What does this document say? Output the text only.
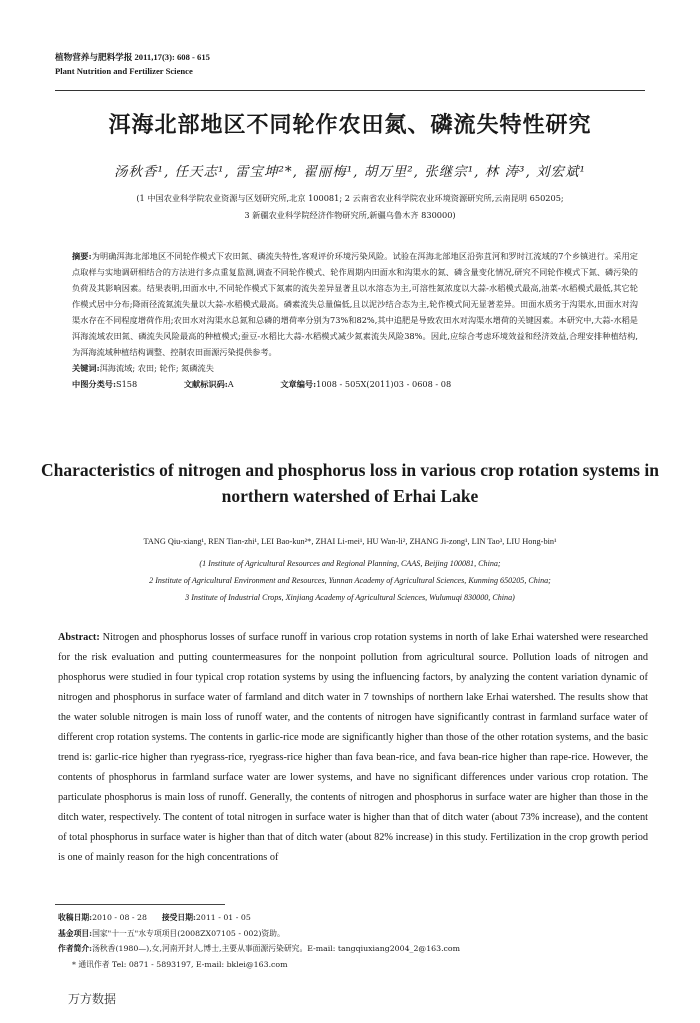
植物营养与肥料学报 2011,17(3): 608 - 615
Plant Nutrition and Fertilizer Science
洱海北部地区不同轮作农田氮、磷流失特性研究
汤秋香¹, 任天志¹, 雷宝坤²*, 翟丽梅¹, 胡万里², 张继宗¹, 林 涛³, 刘宏斌¹
(1 中国农业科学院农业资源与区划研究所,北京 100081; 2 云南省农业科学院农业环境资源研究所,云南昆明 650205;
3 新疆农业科学院经济作物研究所,新疆乌鲁木齐 830000)
摘要:为明确洱海北部地区不同轮作模式下农田氮、磷流失特性,客观评价环境污染风险。试验在洱海北部地区沿弥苴河和罗时江流域的7个乡镇进行。采用定点取样与实地调研相结合的方法进行多点重复监测,调查不同轮作模式、轮作周期内田面水和沟渠水的氮、磷含量变化情况,研究不同轮作模式下氮、磷污染的负荷及其影响因素。结果表明,田面水中,不同轮作模式下氮素的流失差异显著且以水溶态为主,可溶性氮浓度以大蒜-水稻模式最高,油菜-水稻模式最低,其它轮作模式居中分布;降雨径流氮流失量以大蒜-水稻模式最高。磷素流失总量偏低,且以泥沙结合态为主,轮作模式间无显著差异。田面水质劣于沟渠水,田面水对沟渠水存在不同程度增荷作用;农田水对沟渠水总氮和总磷的增荷率分别为73%和82%,其中追肥是导致农田水对沟渠水增荷的关键因素。本研究中,大蒜-水稻是洱海流域农田氮、磷流失风险最高的种植模式;蚕豆-水稻比大蒜-水稻模式减少氮素流失风险38%。因此,应综合考虑环境效益和经济效益,合理安排种植结构,为洱海流域种植结构调整、控制农田面源污染提供参考。
关键词:洱海流域; 农田; 轮作; 氮磷流失
中图分类号:S158	文献标识码:A	文章编号:1008 - 505X(2011)03 - 0608 - 08
Characteristics of nitrogen and phosphorus loss in various crop rotation systems in northern watershed of Erhai Lake
TANG Qiu-xiang¹, REN Tian-zhi¹, LEI Bao-kun²*, ZHAI Li-mei¹, HU Wan-li², ZHANG Ji-zong¹, LIN Tao³, LIU Hong-bin¹
(1 Institute of Agricultural Resources and Regional Planning, CAAS, Beijing 100081, China;
2 Institute of Agricultural Environment and Resources, Yunnan Academy of Agricultural Sciences, Kunming 650205, China;
3 Institute of Industrial Crops, Xinjiang Academy of Agricultural Sciences, Wulumuqi 830000, China)
Abstract: Nitrogen and phosphorus losses of surface runoff in various crop rotation systems in north of lake Erhai watershed were researched for the risk evaluation and putting countermeasures for the nonpoint pollution from agricultural source. Pollution loads of nitrogen and phosphorus were studied in four typical crop rotation systems by using the influencing factors, by analyzing the content variation dynamic of nitrogen and phosphorus in surface water of farmland and ditch water in 7 townships of northern lake Erhai watershed. The results show that the water soluble nitrogen is main loss of runoff water, and the contents of nitrogen have significantly contrast in farmland surface water of different crop rotation systems. The contents in garlic-rice mode are significantly higher than those of the other rotation systems, and the basic trend is: garlic-rice higher than ryegrass-rice, ryegrass-rice higher than fava bean-rice, and fava bean-rice higher than rape-rice. However, the contents of phosphorus in farmland surface water are lower systems, and have no significant differences under various crop rotation. The particulate phosphorus is main loss of runoff. Generally, the contents of nitrogen and phosphorus in surface water are higher than those in the ditch water, respectively. The content of total nitrogen in surface water is higher than that of ditch water (about 73% increase), and the content of total phosphorus in surface water is higher than that of ditch water (about 82% increase) in this study. Fertilization in the crop growth period is one of mainly reason for the high concentrations of
收稿日期:2010 - 08 - 28 接受日期:2011 - 01 - 05
基金项目:国家"十一五"水专项项目(2008ZX07105 - 002)资助。
作者简介:汤秋香(1980—),女,河南开封人,博士,主要从事面源污染研究。E-mail: tangqiuxiang2004_2@163.com
* 通讯作者 Tel: 0871 - 5893197, E-mail: bklei@163.com
万方数据
